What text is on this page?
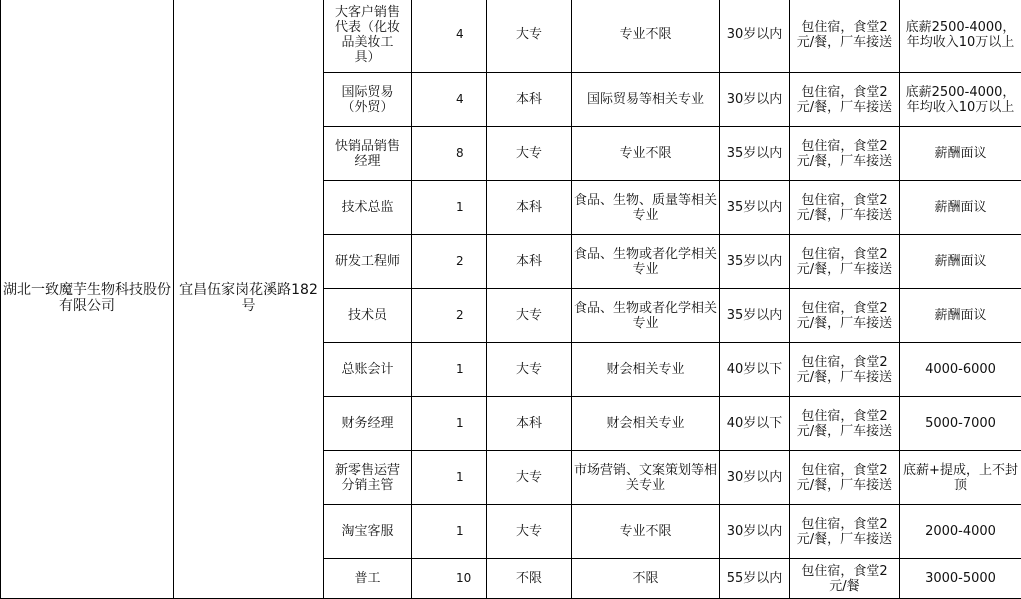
湖北一致魔芋生物科技股份有限公司	宜昌伍家岗花溪路182号	大客户销售代表（化妆品美妆工具）	4	大专	专业不限	30岁以内	包住宿，食堂2元/餐，厂车接送	底薪2500-4000，年均收入10万以上
		国际贸易（外贸）	4	本科	国际贸易等相关专业	30岁以内	包住宿，食堂2元/餐，厂车接送	底薪2500-4000，年均收入10万以上
		快销品销售经理	8	大专	专业不限	35岁以内	包住宿，食堂2元/餐，厂车接送	薪酬面议
		技术总监	1	本科	食品、生物、质量等相关专业	35岁以内	包住宿，食堂2元/餐，厂车接送	薪酬面议
		研发工程师	2	本科	食品、生物或者化学相关专业	35岁以内	包住宿，食堂2元/餐，厂车接送	薪酬面议
		技术员	2	大专	食品、生物或者化学相关专业	35岁以内	包住宿，食堂2元/餐，厂车接送	薪酬面议
		总账会计	1	大专	财会相关专业	40岁以下	包住宿，食堂2元/餐，厂车接送	4000-6000
		财务经理	1	本科	财会相关专业	40岁以下	包住宿，食堂2元/餐，厂车接送	5000-7000
		新零售运营分销主管	1	大专	市场营销、文案策划等相关专业	30岁以内	包住宿，食堂2元/餐，厂车接送	底薪+提成，上不封顶
		淘宝客服	1	大专	专业不限	30岁以内	包住宿，食堂2元/餐，厂车接送	2000-4000
		普工	10	不限	不限	55岁以内	包住宿，食堂2元/餐	3000-5000
